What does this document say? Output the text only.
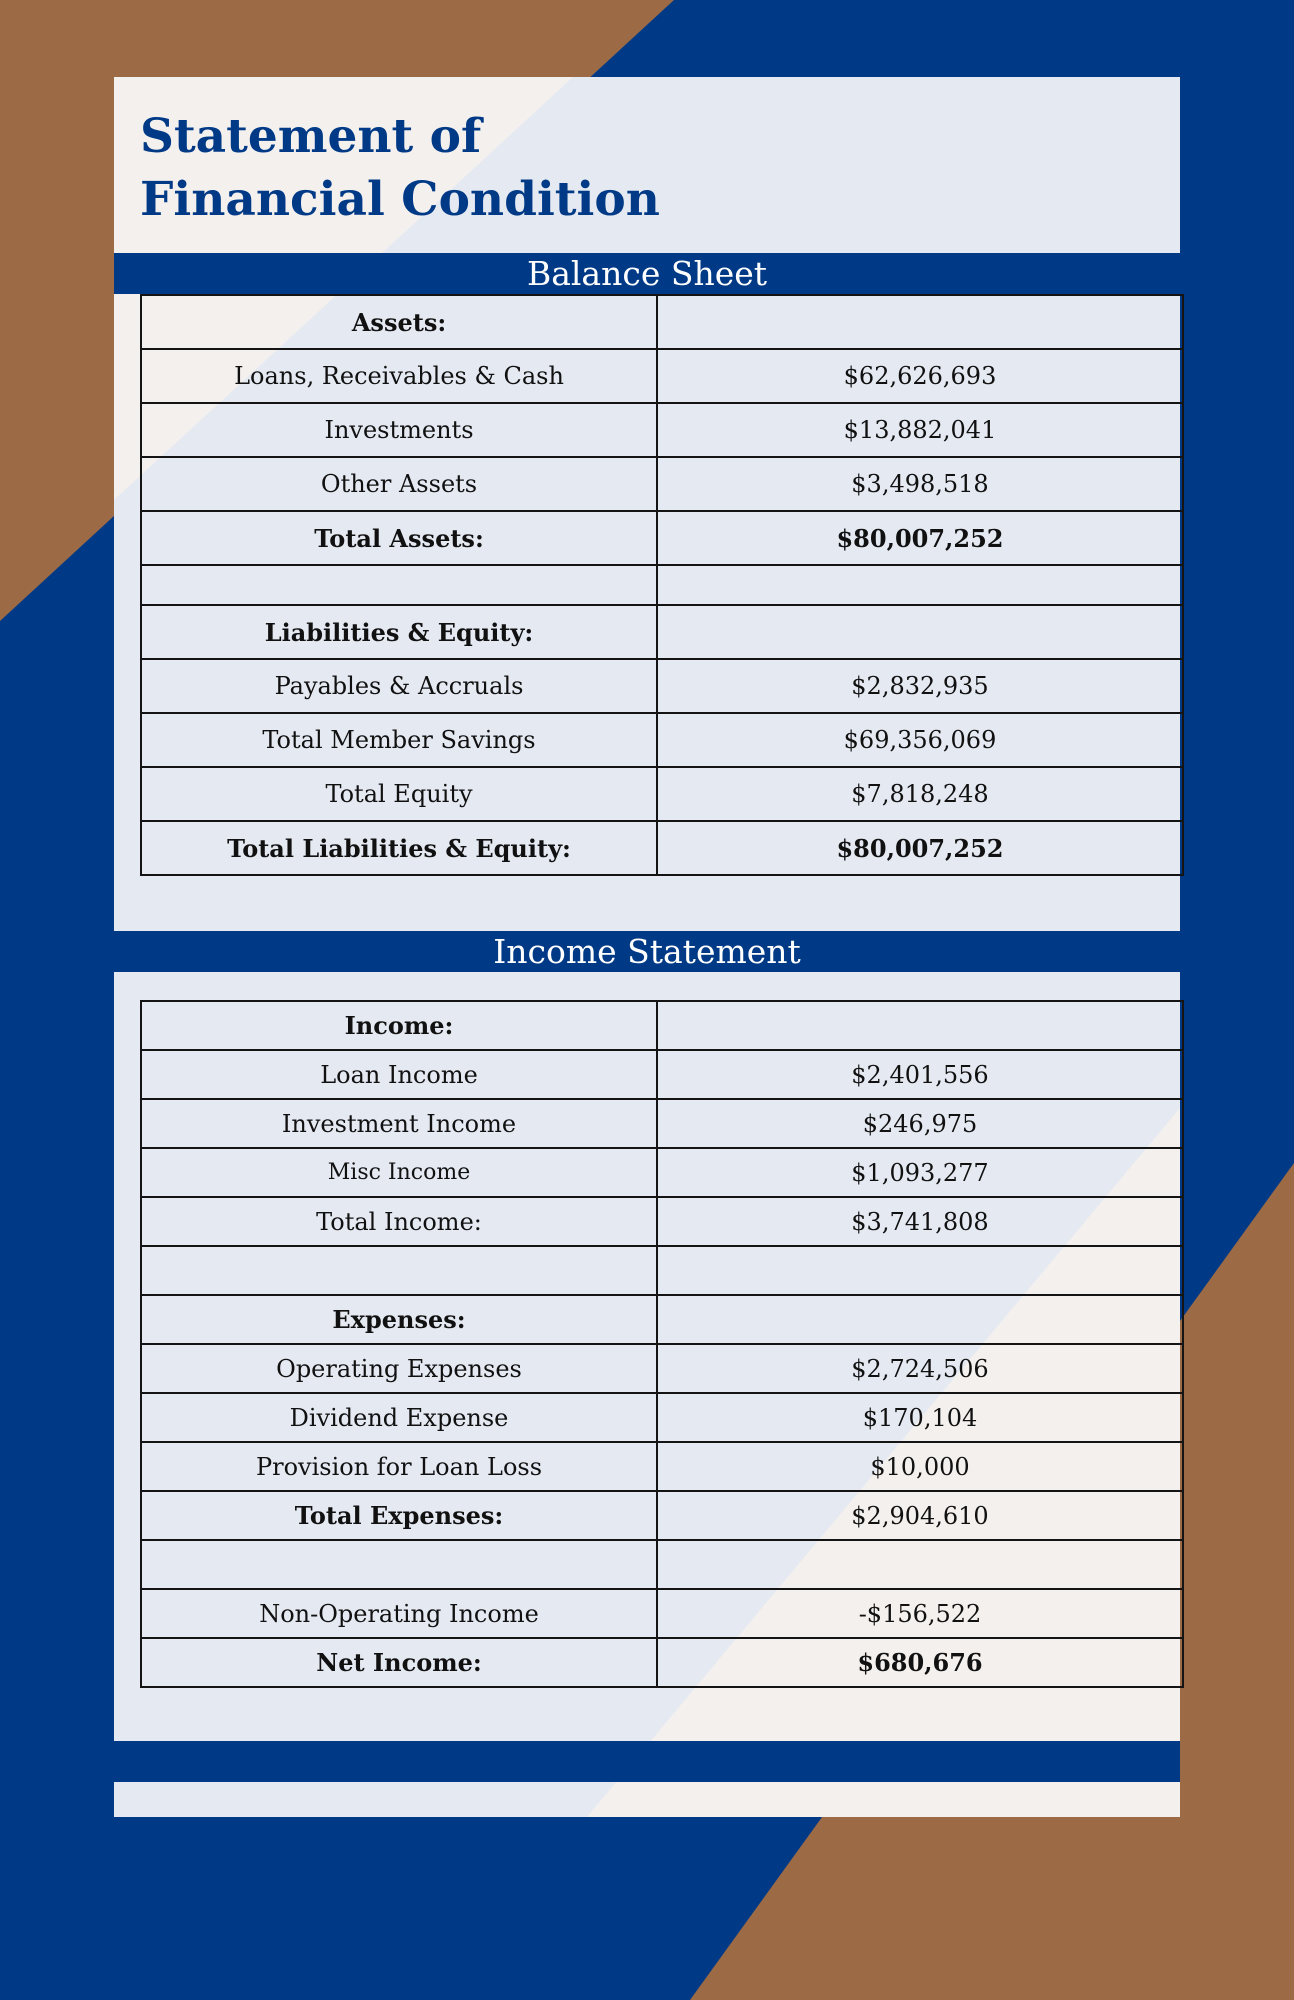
Statement of
Financial Condition
Balance Sheet
Assets:	
Loans, Receivables & Cash	$62,626,693
Investments	$13,882,041
Other Assets	$3,498,518
Total Assets:	$80,007,252

Liabilities & Equity:	
Payables & Accruals	$2,832,935
Total Member Savings	$69,356,069
Total Equity	$7,818,248
Total Liabilities & Equity:	$80,007,252
Income Statement
Income:	
Loan Income	$2,401,556
Investment Income	$246,975
Misc Income	$1,093,277
Total Income:	$3,741,808

Expenses:	
Operating Expenses	$2,724,506
Dividend Expense	$170,104
Provision for Loan Loss	$10,000
Total Expenses:	$2,904,610

Non-Operating Income	-$156,522
Net Income:	$680,676
